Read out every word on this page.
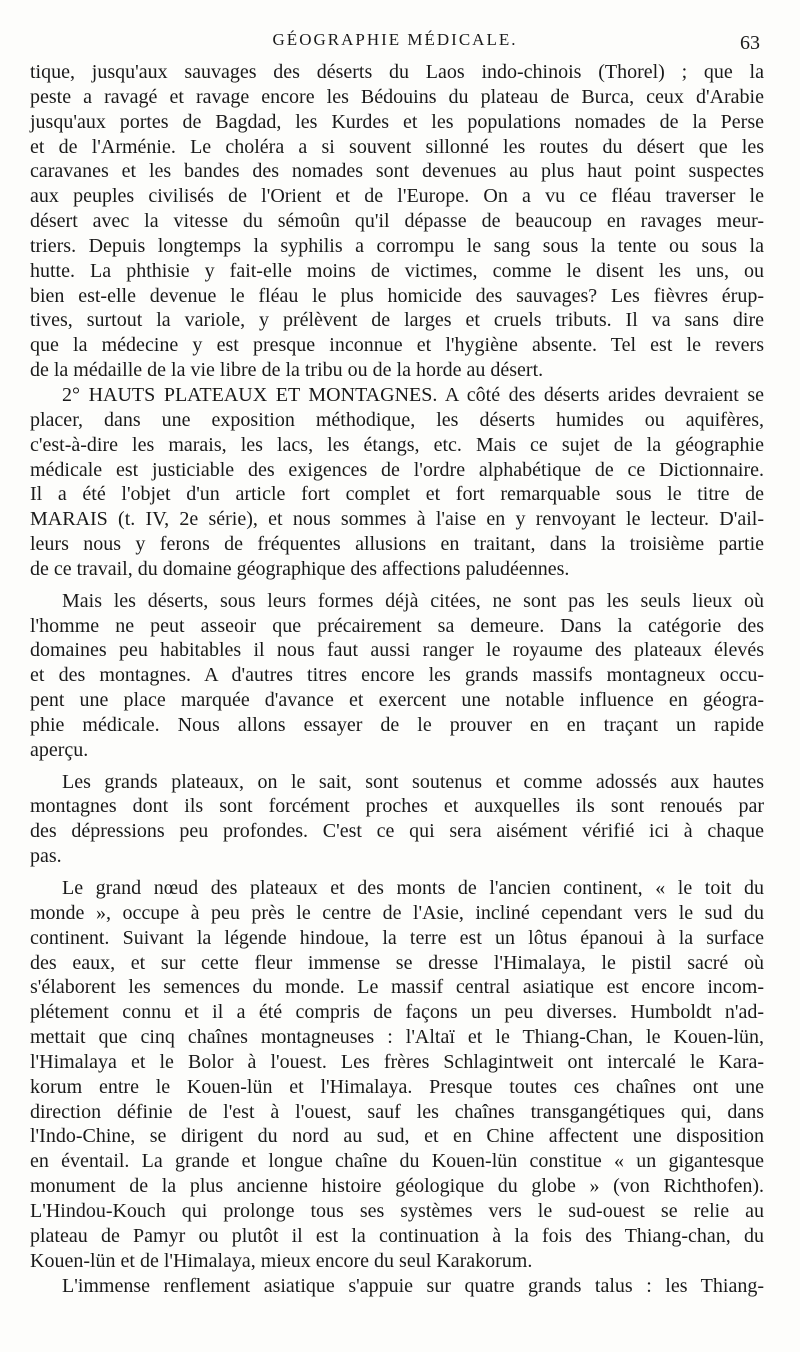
GÉOGRAPHIE MÉDICALE.	63
tique, jusqu'aux sauvages des déserts du Laos indo-chinois (Thorel) ; que la
peste a ravagé et ravage encore les Bédouins du plateau de Burca, ceux d'Arabie
jusqu'aux portes de Bagdad, les Kurdes et les populations nomades de la Perse
et de l'Arménie. Le choléra a si souvent sillonné les routes du désert que les
caravanes et les bandes des nomades sont devenues au plus haut point suspectes
aux peuples civilisés de l'Orient et de l'Europe. On a vu ce fléau traverser le
désert avec la vitesse du sémoûn qu'il dépasse de beaucoup en ravages meur-
triers. Depuis longtemps la syphilis a corrompu le sang sous la tente ou sous la
hutte. La phthisie y fait-elle moins de victimes, comme le disent les uns, ou
bien est-elle devenue le fléau le plus homicide des sauvages? Les fièvres érup-
tives, surtout la variole, y prélèvent de larges et cruels tributs. Il va sans dire
que la médecine y est presque inconnue et l'hygiène absente. Tel est le revers
de la médaille de la vie libre de la tribu ou de la horde au désert.
2° HAUTS PLATEAUX ET MONTAGNES. A côté des déserts arides devraient se
placer, dans une exposition méthodique, les déserts humides ou aquifères,
c'est-à-dire les marais, les lacs, les étangs, etc. Mais ce sujet de la géographie
médicale est justiciable des exigences de l'ordre alphabétique de ce Dictionnaire.
Il a été l'objet d'un article fort complet et fort remarquable sous le titre de
MARAIS (t. IV, 2e série), et nous sommes à l'aise en y renvoyant le lecteur. D'ail-
leurs nous y ferons de fréquentes allusions en traitant, dans la troisième partie
de ce travail, du domaine géographique des affections paludéennes.
Mais les déserts, sous leurs formes déjà citées, ne sont pas les seuls lieux où
l'homme ne peut asseoir que précairement sa demeure. Dans la catégorie des
domaines peu habitables il nous faut aussi ranger le royaume des plateaux élevés
et des montagnes. A d'autres titres encore les grands massifs montagneux occu-
pent une place marquée d'avance et exercent une notable influence en géogra-
phie médicale. Nous allons essayer de le prouver en en traçant un rapide
aperçu.
Les grands plateaux, on le sait, sont soutenus et comme adossés aux hautes
montagnes dont ils sont forcément proches et auxquelles ils sont renoués par
des dépressions peu profondes. C'est ce qui sera aisément vérifié ici à chaque
pas.
Le grand nœud des plateaux et des monts de l'ancien continent, « le toit du
monde », occupe à peu près le centre de l'Asie, incliné cependant vers le sud du
continent. Suivant la légende hindoue, la terre est un lôtus épanoui à la surface
des eaux, et sur cette fleur immense se dresse l'Himalaya, le pistil sacré où
s'élaborent les semences du monde. Le massif central asiatique est encore incom-
plétement connu et il a été compris de façons un peu diverses. Humboldt n'ad-
mettait que cinq chaînes montagneuses : l'Altaï et le Thiang-Chan, le Kouen-lün,
l'Himalaya et le Bolor à l'ouest. Les frères Schlagintweit ont intercalé le Kara-
korum entre le Kouen-lün et l'Himalaya. Presque toutes ces chaînes ont une
direction définie de l'est à l'ouest, sauf les chaînes transgangétiques qui, dans
l'Indo-Chine, se dirigent du nord au sud, et en Chine affectent une disposition
en éventail. La grande et longue chaîne du Kouen-lün constitue « un gigantesque
monument de la plus ancienne histoire géologique du globe » (von Richthofen).
L'Hindou-Kouch qui prolonge tous ses systèmes vers le sud-ouest se relie au
plateau de Pamyr ou plutôt il est la continuation à la fois des Thiang-chan, du
Kouen-lün et de l'Himalaya, mieux encore du seul Karakorum.
L'immense renflement asiatique s'appuie sur quatre grands talus : les Thiang-
